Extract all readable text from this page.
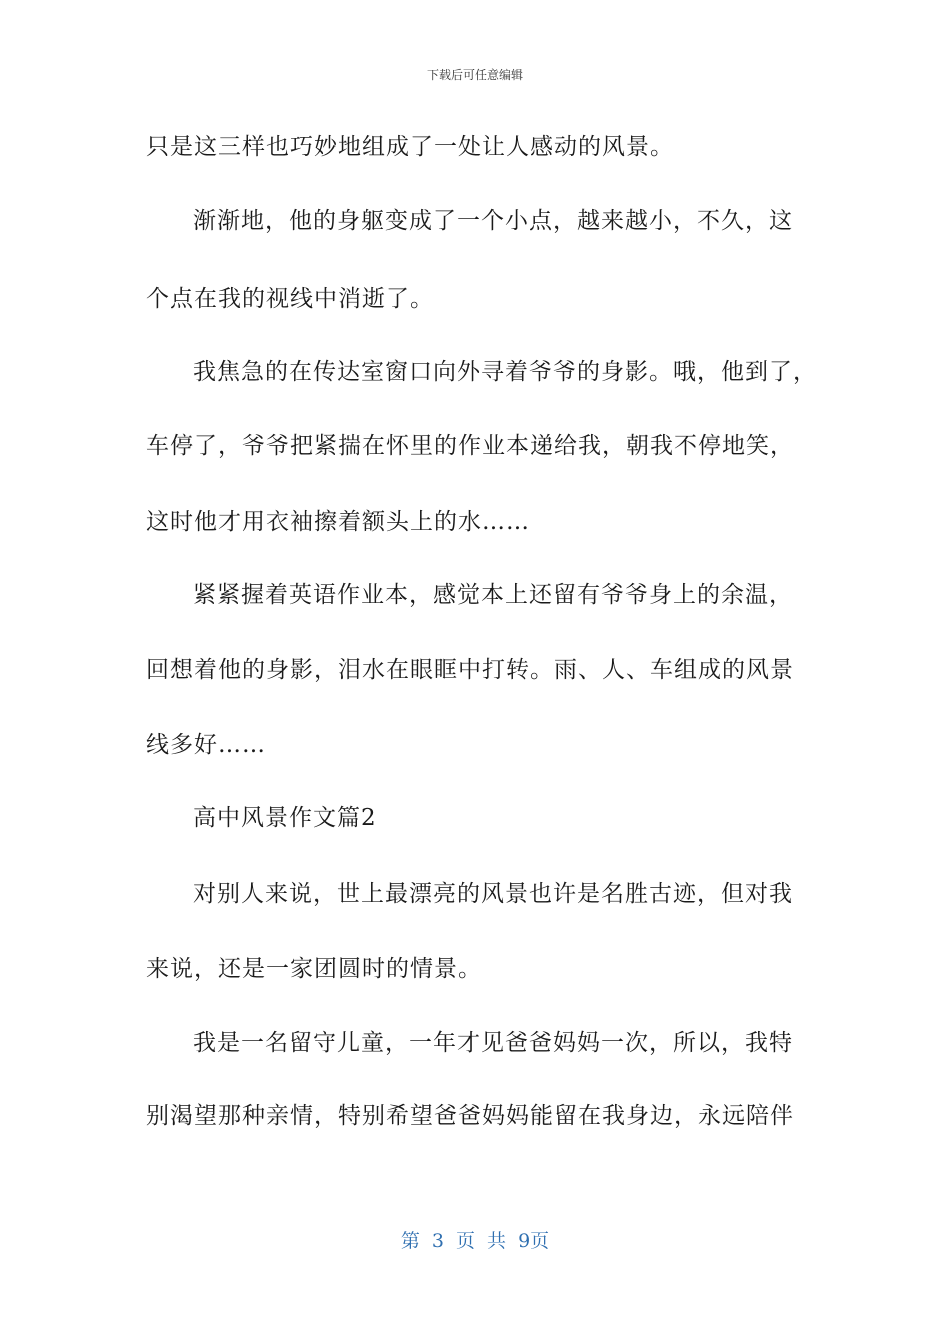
下载后可任意编辑
只是这三样也巧妙地组成了一处让人感动的风景。
渐渐地，他的身躯变成了一个小点，越来越小，不久，这
个点在我的视线中消逝了。
我焦急的在传达室窗口向外寻着爷爷的身影。哦，他到了，
车停了，爷爷把紧揣在怀里的作业本递给我，朝我不停地笑，
这时他才用衣袖擦着额头上的水……
紧紧握着英语作业本，感觉本上还留有爷爷身上的余温，
回想着他的身影，泪水在眼眶中打转。雨、人、车组成的风景
线多好……
高中风景作文篇2
对别人来说，世上最漂亮的风景也许是名胜古迹，但对我
来说，还是一家团圆时的情景。
我是一名留守儿童，一年才见爸爸妈妈一次，所以，我特
别渴望那种亲情，特别希望爸爸妈妈能留在我身边，永远陪伴
第 3 页 共 9页
